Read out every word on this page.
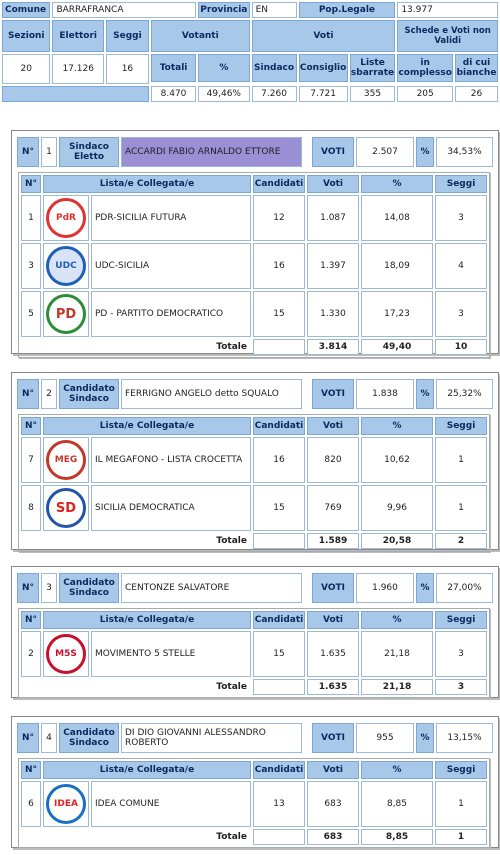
Comune	BARRAFRANCA			Provincia	EN	Pop.Legale		13.977	
Sezioni	Elettori	Seggi	Votanti		Voti			Schede e Voti non Validi	

20	17.126	16	Totali	%	Sindaco	Consiglio	Liste sbarrate	in complesso	di cui bianche

			8.470	49,46%	7.260	7.721	355	205	26
N°	1	Sindaco Eletto	ACCARDI FABIO ARNALDO ETTORE		VOTI	2.507	%	34,53%
N°	Lista/e Collegata/e		Candidati	Voti	%	Seggi
1	PdR	PDR-SICILIA FUTURA	12	1.087	14,08	3
3	UDC	UDC-SICILIA	16	1.397	18,09	4
5	PD	PD - PARTITO DEMOCRATICO	15	1.330	17,23	3
Totale				3.814	49,40	10
N°	2	Candidato Sindaco	FERRIGNO ANGELO detto SQUALO		VOTI	1.838	%	25,32%
N°	Lista/e Collegata/e		Candidati	Voti	%	Seggi
7	MEG	IL MEGAFONO - LISTA CROCETTA	16	820	10,62	1
8	SD	SICILIA DEMOCRATICA	15	769	9,96	1
Totale				1.589	20,58	2
N°	3	Candidato Sindaco	CENTONZE SALVATORE		VOTI	1.960	%	27,00%
N°	Lista/e Collegata/e		Candidati	Voti	%	Seggi
2	M5S	MOVIMENTO 5 STELLE	15	1.635	21,18	3
Totale				1.635	21,18	3
N°	4	Candidato Sindaco	DI DIO GIOVANNI ALESSANDRO ROBERTO		VOTI	955	%	13,15%
N°	Lista/e Collegata/e		Candidati	Voti	%	Seggi
6	IDEA	IDEA COMUNE	13	683	8,85	1
Totale				683	8,85	1
